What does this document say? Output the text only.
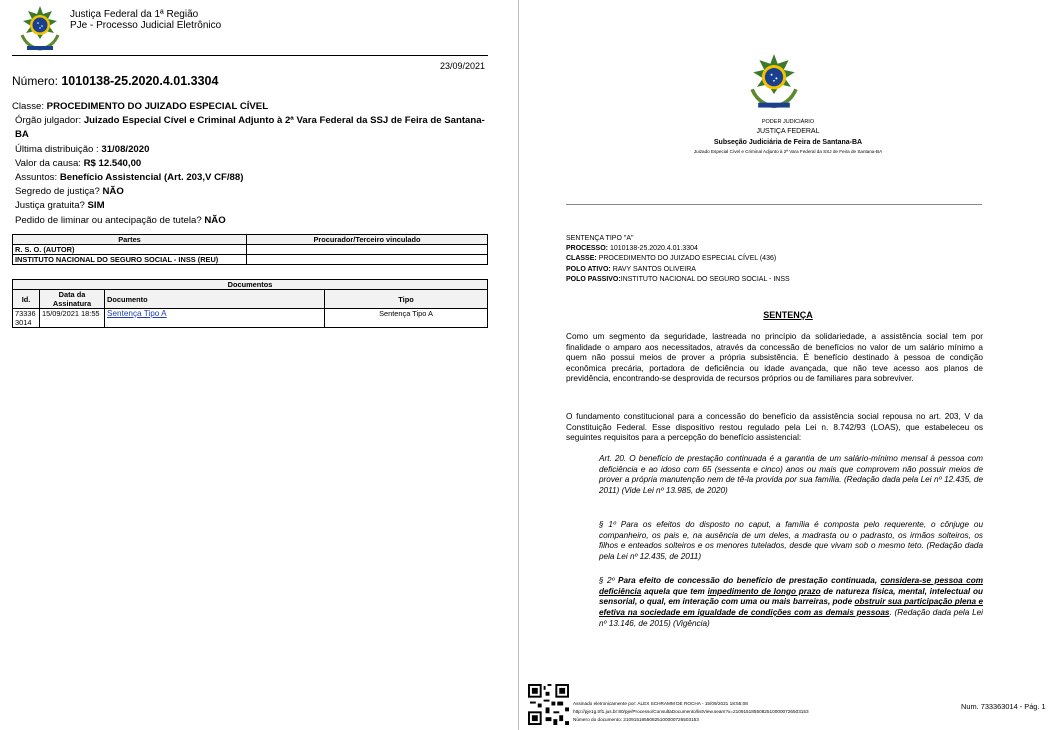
Justiça Federal da 1ª Região
PJe - Processo Judicial Eletrônico
23/09/2021
Número: 1010138-25.2020.4.01.3304
Classe: PROCEDIMENTO DO JUIZADO ESPECIAL CÍVEL
Órgão julgador: Juizado Especial Cível e Criminal Adjunto à 2ª Vara Federal da SSJ de Feira de Santana-BA
Última distribuição : 31/08/2020
Valor da causa: R$ 12.540,00
Assuntos: Benefício Assistencial (Art. 203,V CF/88)
Segredo de justiça? NÃO
Justiça gratuita? SIM
Pedido de liminar ou antecipação de tutela? NÃO
Partes	Procurador/Terceiro vinculado
R. S. O. (AUTOR)	
INSTITUTO NACIONAL DO SEGURO SOCIAL - INSS (REU)	
Documentos			
Id.	Data da Assinatura	Documento	Tipo
73336 3014	15/09/2021 18:55	Sentença Tipo A	Sentença Tipo A
PODER JUDICIÁRIO
JUSTIÇA FEDERAL
Subseção Judiciária de Feira de Santana-BA
Juizado Especial Cível e Criminal Adjunto à 2ª Vara Federal da SSJ de Feira de Santana-BA
SENTENÇA TIPO "A"
PROCESSO: 1010138-25.2020.4.01.3304
CLASSE: PROCEDIMENTO DO JUIZADO ESPECIAL CÍVEL (436)
POLO ATIVO: RAVY SANTOS OLIVEIRA
POLO PASSIVO:INSTITUTO NACIONAL DO SEGURO SOCIAL - INSS
SENTENÇA
Como um segmento da seguridade, lastreada no princípio da solidariedade, a assistência social tem por finalidade o amparo aos necessitados, através da concessão de benefícios no valor de um salário mínimo a quem não possui meios de prover a própria subsistência. É benefício destinado à pessoa de condição econômica precária, portadora de deficiência ou idade avançada, que não teve acesso aos planos de previdência, encontrando-se desprovida de recursos próprios ou de familiares para sobreviver.
O fundamento constitucional para a concessão do benefício da assistência social repousa no art. 203, V da Constituição Federal. Esse dispositivo restou regulado pela Lei n. 8.742/93 (LOAS), que estabeleceu os seguintes requisitos para a percepção do benefício assistencial:
Art. 20. O benefício de prestação continuada é a garantia de um salário-mínimo mensal à pessoa com deficiência e ao idoso com 65 (sessenta e cinco) anos ou mais que comprovem não possuir meios de prover a própria manutenção nem de tê-la provida por sua família. (Redação dada pela Lei nº 12.435, de 2011) (Vide Lei nº 13.985, de 2020)
§ 1º Para os efeitos do disposto no caput, a família é composta pelo requerente, o cônjuge ou companheiro, os pais e, na ausência de um deles, a madrasta ou o padrasto, os irmãos solteiros, os filhos e enteados solteiros e os menores tutelados, desde que vivam sob o mesmo teto. (Redação dada pela Lei nº 12.435, de 2011)
§ 2º Para efeito de concessão do benefício de prestação continuada, considera-se pessoa com deficiência aquela que tem impedimento de longo prazo de natureza física, mental, intelectual ou sensorial, o qual, em interação com uma ou mais barreiras, pode obstruir sua participação plena e efetiva na sociedade em igualdade de condições com as demais pessoas. (Redação dada pela Lei nº 13.146, de 2015) (Vigência)
Assinado eletronicamente por: ALEX SCHRAMM DE ROCHA - 15/09/2021 18:55:08
http://pje1g.trf1.jus.br:80/pje/Processo/ConsultaDocumento/listView.seam?x=21091518550825100000726503153
Número do documento: 21091518550825100000726503153
Num. 733363014 - Pág. 1
